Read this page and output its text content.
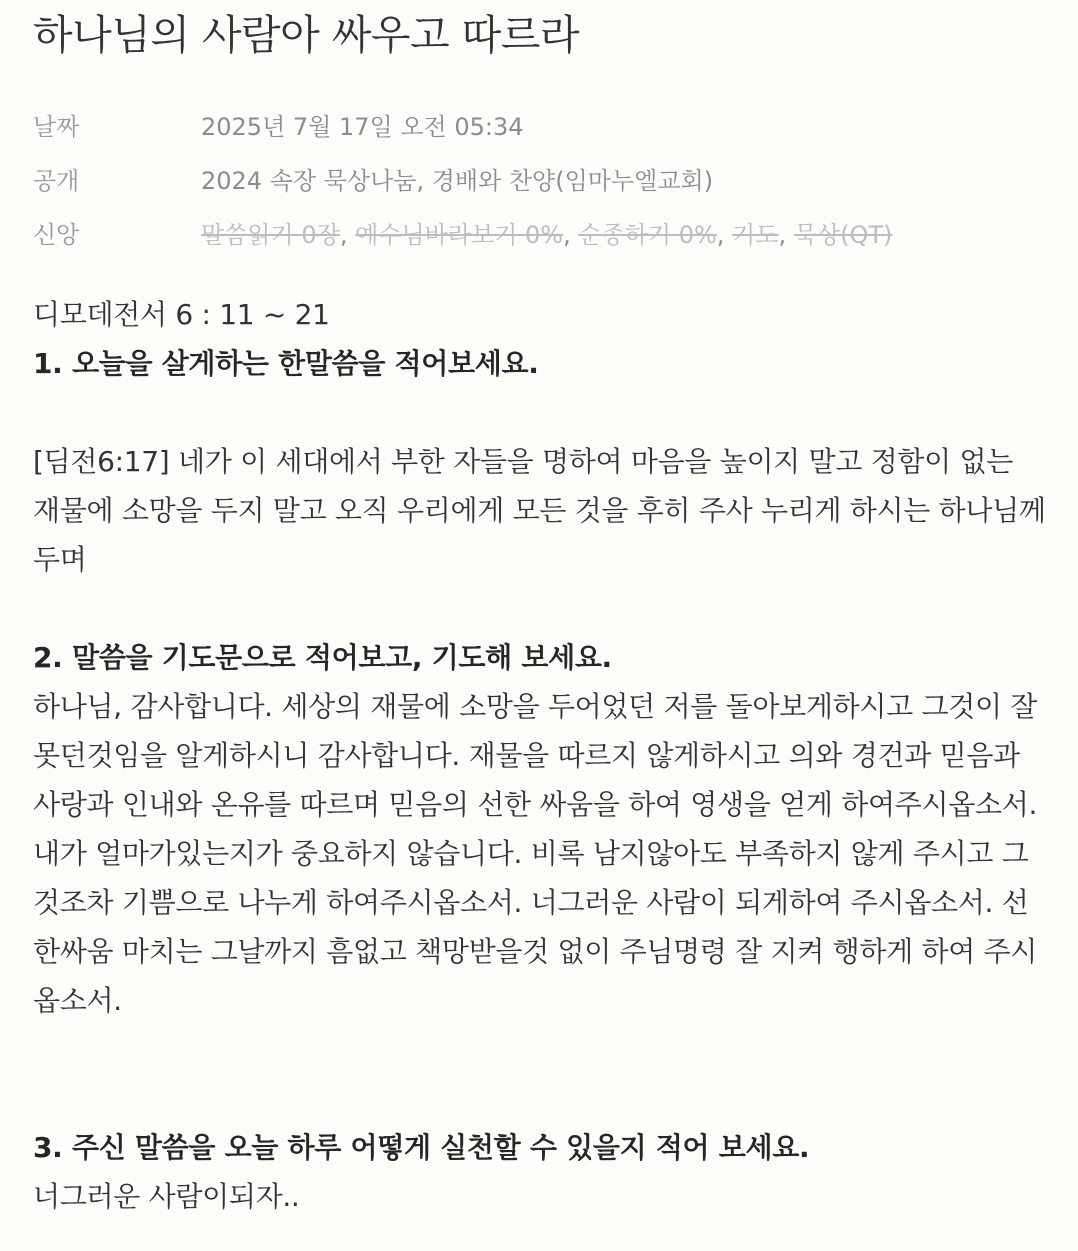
하나님의 사람아 싸우고 따르라
날짜	2025년 7월 17일 오전 05:34
공개	2024 속장 묵상나눔, 경배와 찬양(임마누엘교회)
신앙	말씀읽기 0장, 예수님바라보기 0%, 순종하기 0%, 기도, 묵상(QT)

디모데전서 6 : 11 ~ 21

1. 오늘을 살게하는 한말씀을 적어보세요.

[딤전6:17] 네가 이 세대에서 부한 자들을 명하여 마음을 높이지 말고 정함이 없는 재물에 소망을 두지 말고 오직 우리에게 모든 것을 후히 주사 누리게 하시는 하나님께 두며

2. 말씀을 기도문으로 적어보고, 기도해 보세요.

하나님, 감사합니다. 세상의 재물에 소망을 두어었던 저를 돌아보게하시고 그것이 잘못던것임을 알게하시니 감사합니다. 재물을 따르지 않게하시고 의와 경건과 믿음과 사랑과 인내와 온유를 따르며 믿음의 선한 싸움을 하여 영생을 얻게 하여주시옵소서. 내가 얼마가있는지가 중요하지 않습니다. 비록 남지않아도 부족하지 않게 주시고 그것조차 기쁨으로 나누게 하여주시옵소서. 너그러운 사람이 되게하여 주시옵소서. 선한싸움 마치는 그날까지 흠없고 책망받을것 없이 주님명령 잘 지켜 행하게 하여 주시옵소서.

3. 주신 말씀을 오늘 하루 어떻게 실천할 수 있을지 적어 보세요.

너그러운 사람이되자..
